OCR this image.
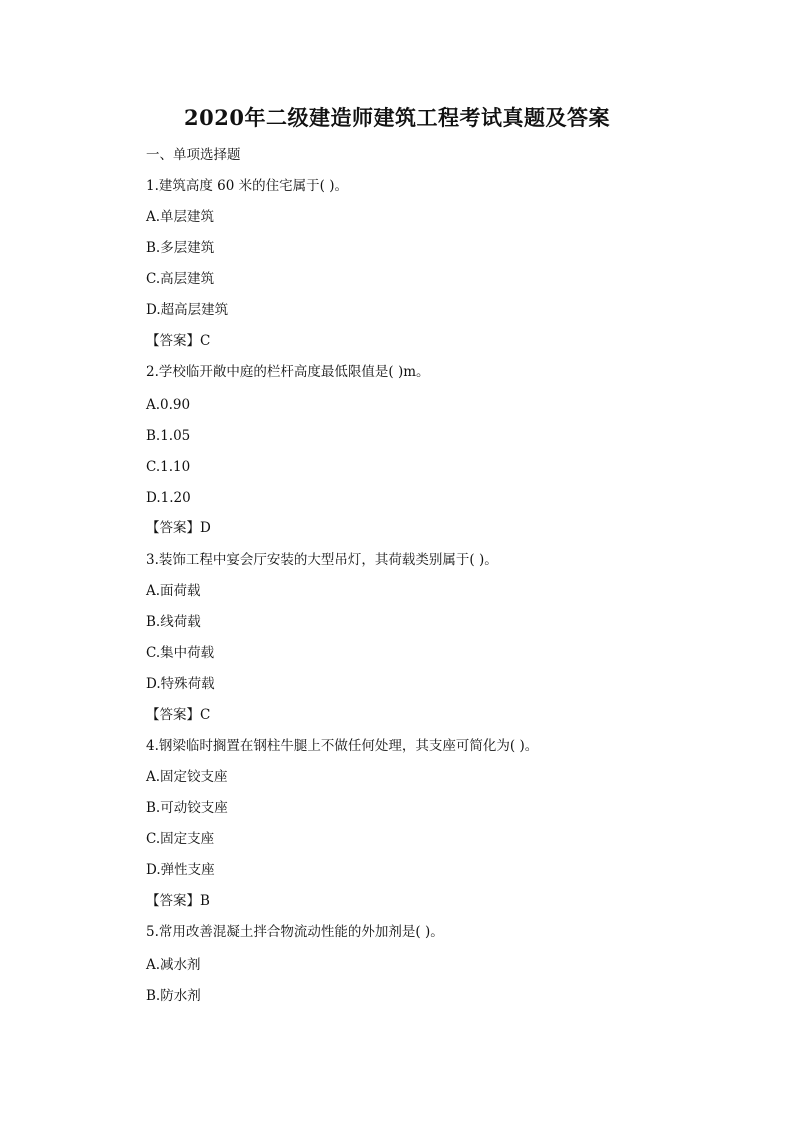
2020年二级建造师建筑工程考试真题及答案
一、单项选择题
1.建筑高度 60 米的住宅属于( )。
A.单层建筑
B.多层建筑
C.高层建筑
D.超高层建筑
【答案】C
2.学校临开敞中庭的栏杆高度最低限值是( )m。
A.0.90
B.1.05
C.1.10
D.1.20
【答案】D
3.装饰工程中宴会厅安装的大型吊灯，其荷载类别属于( )。
A.面荷载
B.线荷载
C.集中荷载
D.特殊荷载
【答案】C
4.钢梁临时搁置在钢柱牛腿上不做任何处理，其支座可简化为( )。
A.固定铰支座
B.可动铰支座
C.固定支座
D.弹性支座
【答案】B
5.常用改善混凝土拌合物流动性能的外加剂是( )。
A.减水剂
B.防水剂
